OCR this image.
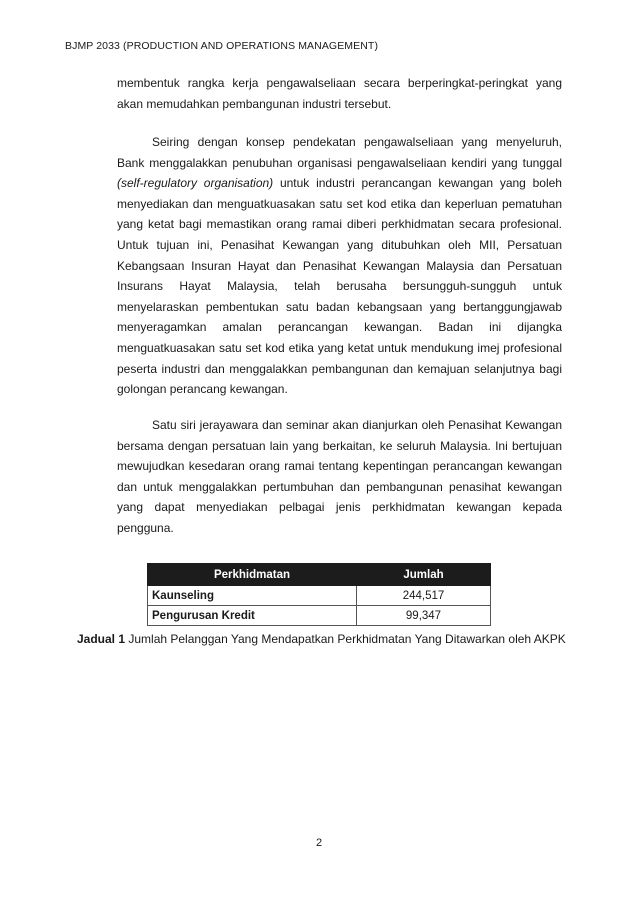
BJMP 2033 (PRODUCTION AND OPERATIONS MANAGEMENT)

membentuk rangka kerja pengawalseliaan secara berperingkat-peringkat yang akan memudahkan pembangunan industri tersebut.

Seiring dengan konsep pendekatan pengawalseliaan yang menyeluruh, Bank menggalakkan penubuhan organisasi pengawalseliaan kendiri yang tunggal (self-regulatory organisation) untuk industri perancangan kewangan yang boleh menyediakan dan menguatkuasakan satu set kod etika dan keperluan pematuhan yang ketat bagi memastikan orang ramai diberi perkhidmatan secara profesional. Untuk tujuan ini, Penasihat Kewangan yang ditubuhkan oleh MII, Persatuan Kebangsaan Insuran Hayat dan Penasihat Kewangan Malaysia dan Persatuan Insurans Hayat Malaysia, telah berusaha bersungguh-sungguh untuk menyelaraskan pembentukan satu badan kebangsaan yang bertanggungjawab menyeragamkan amalan perancangan kewangan. Badan ini dijangka menguatkuasakan satu set kod etika yang ketat untuk mendukung imej profesional peserta industri dan menggalakkan pembangunan dan kemajuan selanjutnya bagi golongan perancang kewangan.

Satu siri jerayawara dan seminar akan dianjurkan oleh Penasihat Kewangan bersama dengan persatuan lain yang berkaitan, ke seluruh Malaysia. Ini bertujuan mewujudkan kesedaran orang ramai tentang kepentingan perancangan kewangan dan untuk menggalakkan pertumbuhan dan pembangunan penasihat kewangan yang dapat menyediakan pelbagai jenis perkhidmatan kewangan kepada pengguna.

Perkhidmatan	Jumlah
Kaunseling	244,517
Pengurusan Kredit	99,347
Jadual 1 Jumlah Pelanggan Yang Mendapatkan Perkhidmatan Yang Ditawarkan oleh AKPK
2
